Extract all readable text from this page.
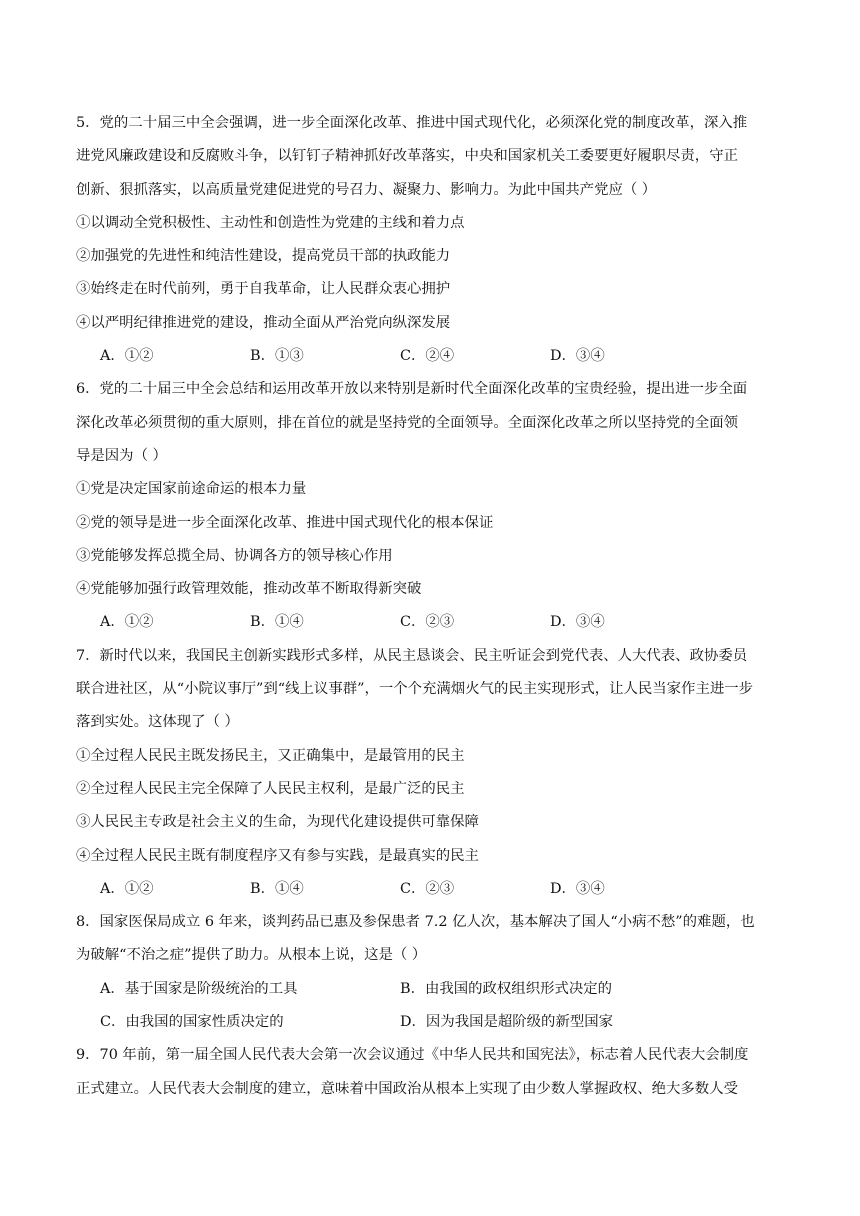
5．党的二十届三中全会强调，进一步全面深化改革、推进中国式现代化，必须深化党的制度改革，深入推
进党风廉政建设和反腐败斗争，以钉钉子精神抓好改革落实，中央和国家机关工委要更好履职尽责，守正
创新、狠抓落实，以高质量党建促进党的号召力、凝聚力、影响力。为此中国共产党应（ ）
①以调动全党积极性、主动性和创造性为党建的主线和着力点
②加强党的先进性和纯洁性建设，提高党员干部的执政能力
③始终走在时代前列，勇于自我革命，让人民群众衷心拥护
④以严明纪律推进党的建设，推动全面从严治党向纵深发展
A．①②	B．①③	C．②④	D．③④
6．党的二十届三中全会总结和运用改革开放以来特别是新时代全面深化改革的宝贵经验，提出进一步全面
深化改革必须贯彻的重大原则，排在首位的就是坚持党的全面领导。全面深化改革之所以坚持党的全面领
导是因为（ ）
①党是决定国家前途命运的根本力量
②党的领导是进一步全面深化改革、推进中国式现代化的根本保证
③党能够发挥总揽全局、协调各方的领导核心作用
④党能够加强行政管理效能，推动改革不断取得新突破
A．①②	B．①④	C．②③	D．③④
7．新时代以来，我国民主创新实践形式多样，从民主恳谈会、民主听证会到党代表、人大代表、政协委员
联合进社区，从“小院议事厅”到“线上议事群”，一个个充满烟火气的民主实现形式，让人民当家作主进一步
落到实处。这体现了（ ）
①全过程人民民主既发扬民主，又正确集中，是最管用的民主
②全过程人民民主完全保障了人民民主权利，是最广泛的民主
③人民民主专政是社会主义的生命，为现代化建设提供可靠保障
④全过程人民民主既有制度程序又有参与实践，是最真实的民主
A．①②	B．①④	C．②③	D．③④
8．国家医保局成立 6 年来，谈判药品已惠及参保患者 7.2 亿人次，基本解决了国人“小病不愁”的难题，也
为破解“不治之症”提供了助力。从根本上说，这是（ ）
A．基于国家是阶级统治的工具	B．由我国的政权组织形式决定的
C．由我国的国家性质决定的	D．因为我国是超阶级的新型国家
9．70 年前，第一届全国人民代表大会第一次会议通过《中华人民共和国宪法》，标志着人民代表大会制度
正式建立。人民代表大会制度的建立，意味着中国政治从根本上实现了由少数人掌握政权、绝大多数人受
